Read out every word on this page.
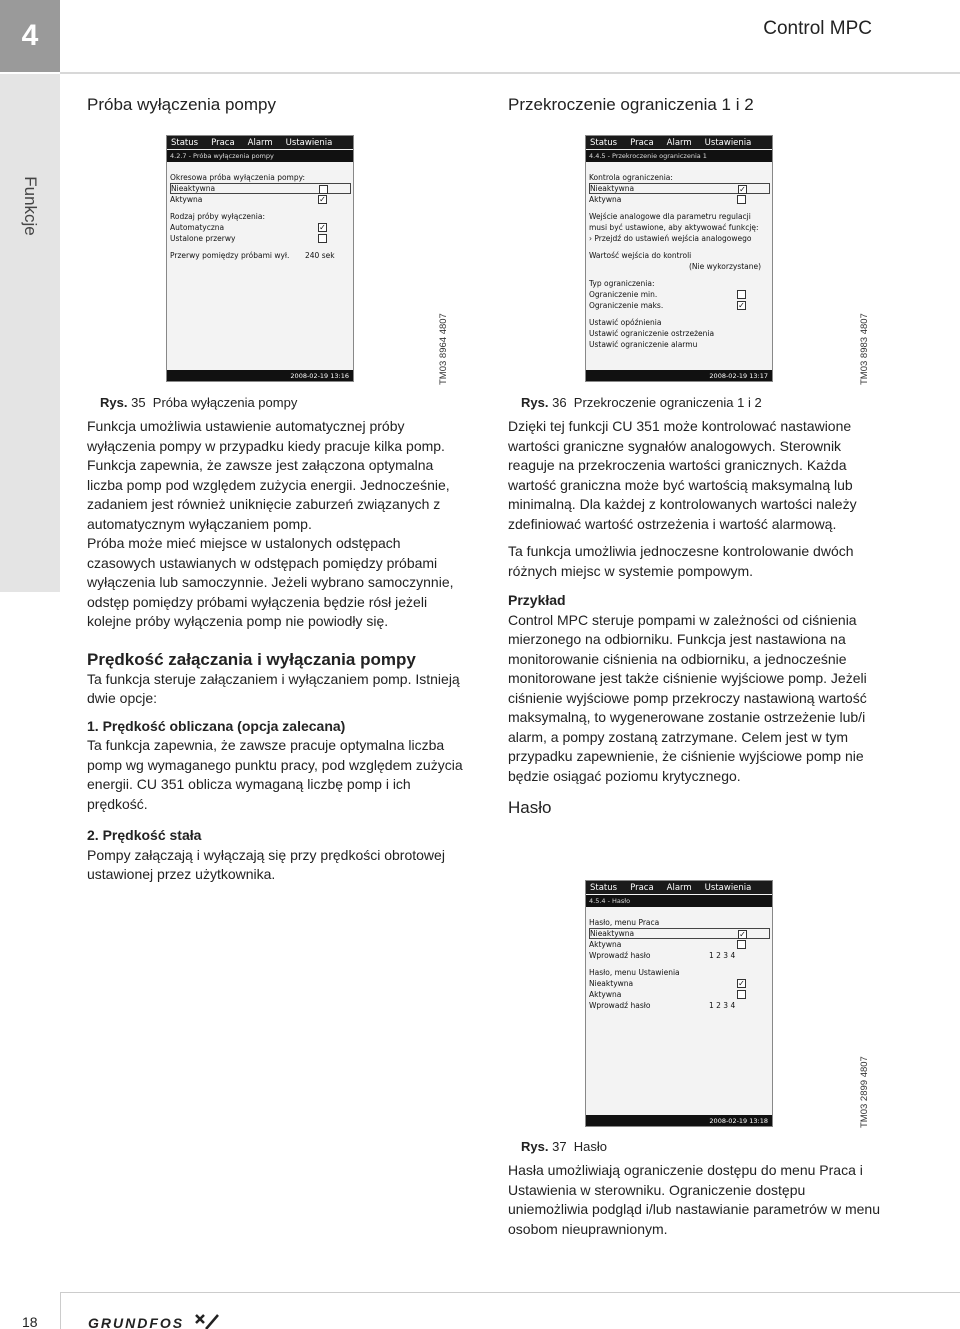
4	Control MPC
Funkcje
Próba wyłączenia pompy
Status Praca Alarm Ustawienia
4.2.7 - Próba wyłączenia pompy
Okresowa próba wyłączenia pompy:
Nieaktywna
Aktywna	✓
Rodzaj próby wyłączenia:
Automatyczna	✓
Ustalone przerwy
Przerwy pomiędzy próbami wył. 240 sek
2008-02-19 13:16	TM03 8964 4807
Rys. 35 Próba wyłączenia pompy

Funkcja umożliwia ustawienie automatycznej próby wyłączenia pompy w przypadku kiedy pracuje kilka pomp. Funkcja zapewnia, że zawsze jest załączona optymalna liczba pomp pod względem zużycia energii. Jednocześnie, zadaniem jest również uniknięcie zaburzeń związanych z automatycznym wyłączaniem pomp.

Próba może mieć miejsce w ustalonych odstępach czasowych ustawianych w odstępach pomiędzy próbami wyłączenia lub samoczynnie. Jeżeli wybrano samoczynnie, odstęp pomiędzy próbami wyłączenia będzie rósł jeżeli kolejne próby wyłączenia pomp nie powiodły się.

Prędkość załączania i wyłączania pompy

Ta funkcja steruje załączaniem i wyłączaniem pomp. Istnieją dwie opcje:

1. Prędkość obliczana (opcja zalecana)

Ta funkcja zapewnia, że zawsze pracuje optymalna liczba pomp wg wymaganego punktu pracy, pod względem zużycia energii. CU 351 oblicza wymaganą liczbę pomp i ich prędkość.

2. Prędkość stała

Pompy załączają i wyłączają się przy prędkości obrotowej ustawionej przez użytkownika.

Przekroczenie ograniczenia 1 i 2
Status Praca Alarm Ustawienia
4.4.5 - Przekroczenie ograniczenia 1
Kontrola ograniczenia:
Nieaktywna	✓
Aktywna
Wejście analogowe dla parametru regulacji
musi być ustawione, aby aktywować funkcję:
› Przejdź do ustawień wejścia analogowego
Wartość wejścia do kontroli
(Nie wykorzystane)
Typ ograniczenia:
Ograniczenie min.
Ograniczenie maks.	✓
Ustawić opóźnienia
Ustawić ograniczenie ostrzeżenia
Ustawić ograniczenie alarmu
2008-02-19 13:17	TM03 8983 4807
Rys. 36 Przekroczenie ograniczenia 1 i 2

Dzięki tej funkcji CU 351 może kontrolować nastawione wartości graniczne sygnałów analogowych. Sterownik reaguje na przekroczenia wartości granicznych. Każda wartość graniczna może być wartością maksymalną lub minimalną. Dla każdej z kontrolowanych wartości należy zdefiniować wartość ostrzeżenia i wartość alarmową.

Ta funkcja umożliwia jednoczesne kontrolowanie dwóch różnych miejsc w systemie pompowym.

Przykład

Control MPC steruje pompami w zależności od ciśnienia mierzonego na odbiorniku. Funkcja jest nastawiona na monitorowanie ciśnienia na odbiorniku, a jednocześnie monitorowane jest także ciśnienie wyjściowe pomp. Jeżeli ciśnienie wyjściowe pomp przekroczy nastawioną wartość maksymalną, to wygenerowane zostanie ostrzeżenie lub/i alarm, a pompy zostaną zatrzymane. Celem jest w tym przypadku zapewnienie, że ciśnienie wyjściowe pomp nie będzie osiągać poziomu krytycznego.

Hasło
Status Praca Alarm Ustawienia
4.5.4 - Hasło
Hasło, menu Praca
Nieaktywna	✓
Aktywna
Wprowadź hasło	1 2 3 4
Hasło, menu Ustawienia
Nieaktywna	✓
Aktywna
Wprowadź hasło	1 2 3 4
2008-02-19 13:18	TM03 2899 4807
Rys. 37 Hasło

Hasła umożliwiają ograniczenie dostępu do menu Praca i Ustawienia w sterowniku. Ograniczenie dostępu uniemożliwia podgląd i/lub nastawianie parametrów w menu osobom nieuprawnionym.

18	GRUNDFOS
